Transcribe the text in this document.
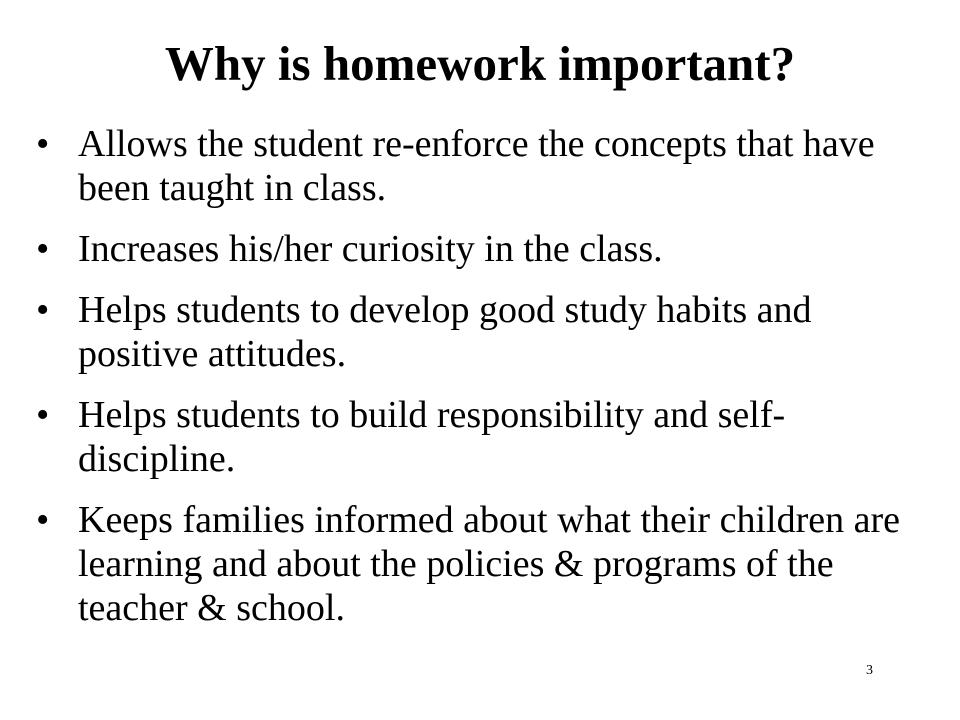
Why is homework important?
• Allows the student re-enforce the concepts that have been taught in class.
• Increases his/her curiosity in the class.
• Helps students to develop good study habits and positive attitudes.
• Helps students to build responsibility and self-discipline.
• Keeps families informed about what their children are learning and about the policies & programs of the teacher & school.
3
